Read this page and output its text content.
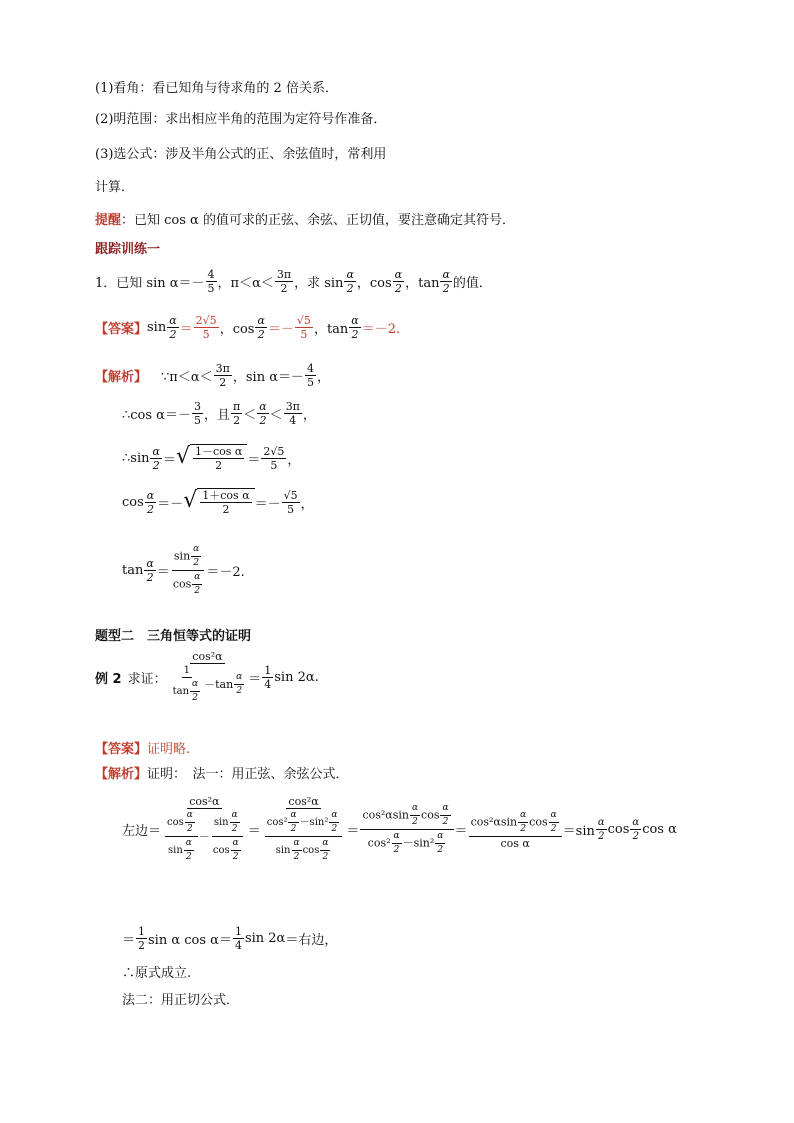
(1)看角：看已知角与待求角的 2 倍关系．
(2)明范围：求出相应半角的范围为定符号作准备．
(3)选公式：涉及半角公式的正、余弦值时，常利用
计算．
提醒：已知 cos α 的值可求的正弦、余弦、正切值，要注意确定其符号．
跟踪训练一
1．已知 $\sin \alpha=- \frac{4}{5}$ ，$\pi<\alpha< \frac{3\pi}{2}$ ，求 $\sin \frac{\alpha}{2}$ ，$\cos \frac{\alpha}{2}$ ，$\tan \frac{\alpha}{2}$ 的值．
【答案】 $\sin \frac{\alpha}{2} = \frac{2√5}{5}$ ，$\cos \frac{\alpha}{2} =- \frac{√5}{5}$ ，$\tan \frac{\alpha}{2} =-2$.
【解析】 ∵π＜α＜ $\frac{3\pi}{2}$ ，$\sin \alpha=- \frac{4}{5}$ ，
∴cos $\alpha=- \frac{3}{5}$ ，且 $\frac{\pi}{2} < \frac{\alpha}{2} < \frac{3\pi}{4}$ ，
∴sin $\frac{\alpha}{2}$ ＝ √ $\frac{\text{1－cos α}}{2} = \frac{2√5}{5}$ ，
$\cos \frac{\alpha}{2}$ ＝－ √ $\frac{\text{1＋cos α}}{2} =- \frac{√5}{5}$ ，
$\tan \frac{\alpha}{2} = \frac{\sin \frac{\alpha}{2}}{\cos \frac{\alpha}{2}} =-2$.
题型二　三角恒等式的证明
例 2 求证： $\frac{\text{cos²α}}{\frac{1}{\tan \frac{\alpha}{2}} -\tan \frac{\alpha}{2}} = \frac{1}{4}$ sin 2α.
【答案】证明略.
【解析】证明：　法一：用正弦、余弦公式．
左边＝ $\frac{\text{cos²α}}{\frac{\cos \frac{\alpha}{2}}{\sin \frac{\alpha}{2}} - \frac{\sin \frac{\alpha}{2}}{\cos \frac{\alpha}{2}}} = \frac{\text{cos²α}}{\frac{\cos^2 \frac{\alpha}{2} -\sin^2 \frac{\alpha}{2}}{\sin \frac{\alpha}{2} \cos \frac{\alpha}{2}}} = \frac{\cos^2\alpha\sin \frac{\alpha}{2} \cos \frac{\alpha}{2}}{\cos^2 \frac{\alpha}{2} -\sin^2 \frac{\alpha}{2}} = \frac{\cos^2\alpha\sin \frac{\alpha}{2} \cos \frac{\alpha}{2}}{\text{cos α}} =\sin \frac{\alpha}{2}$ $\cos \frac{\alpha}{2}$ cos α
＝ $\frac{1}{2}$ sin α $\cos \alpha= \frac{1}{4}$ sin 2α ＝右边，
∴原式成立.
法二：用正切公式．
